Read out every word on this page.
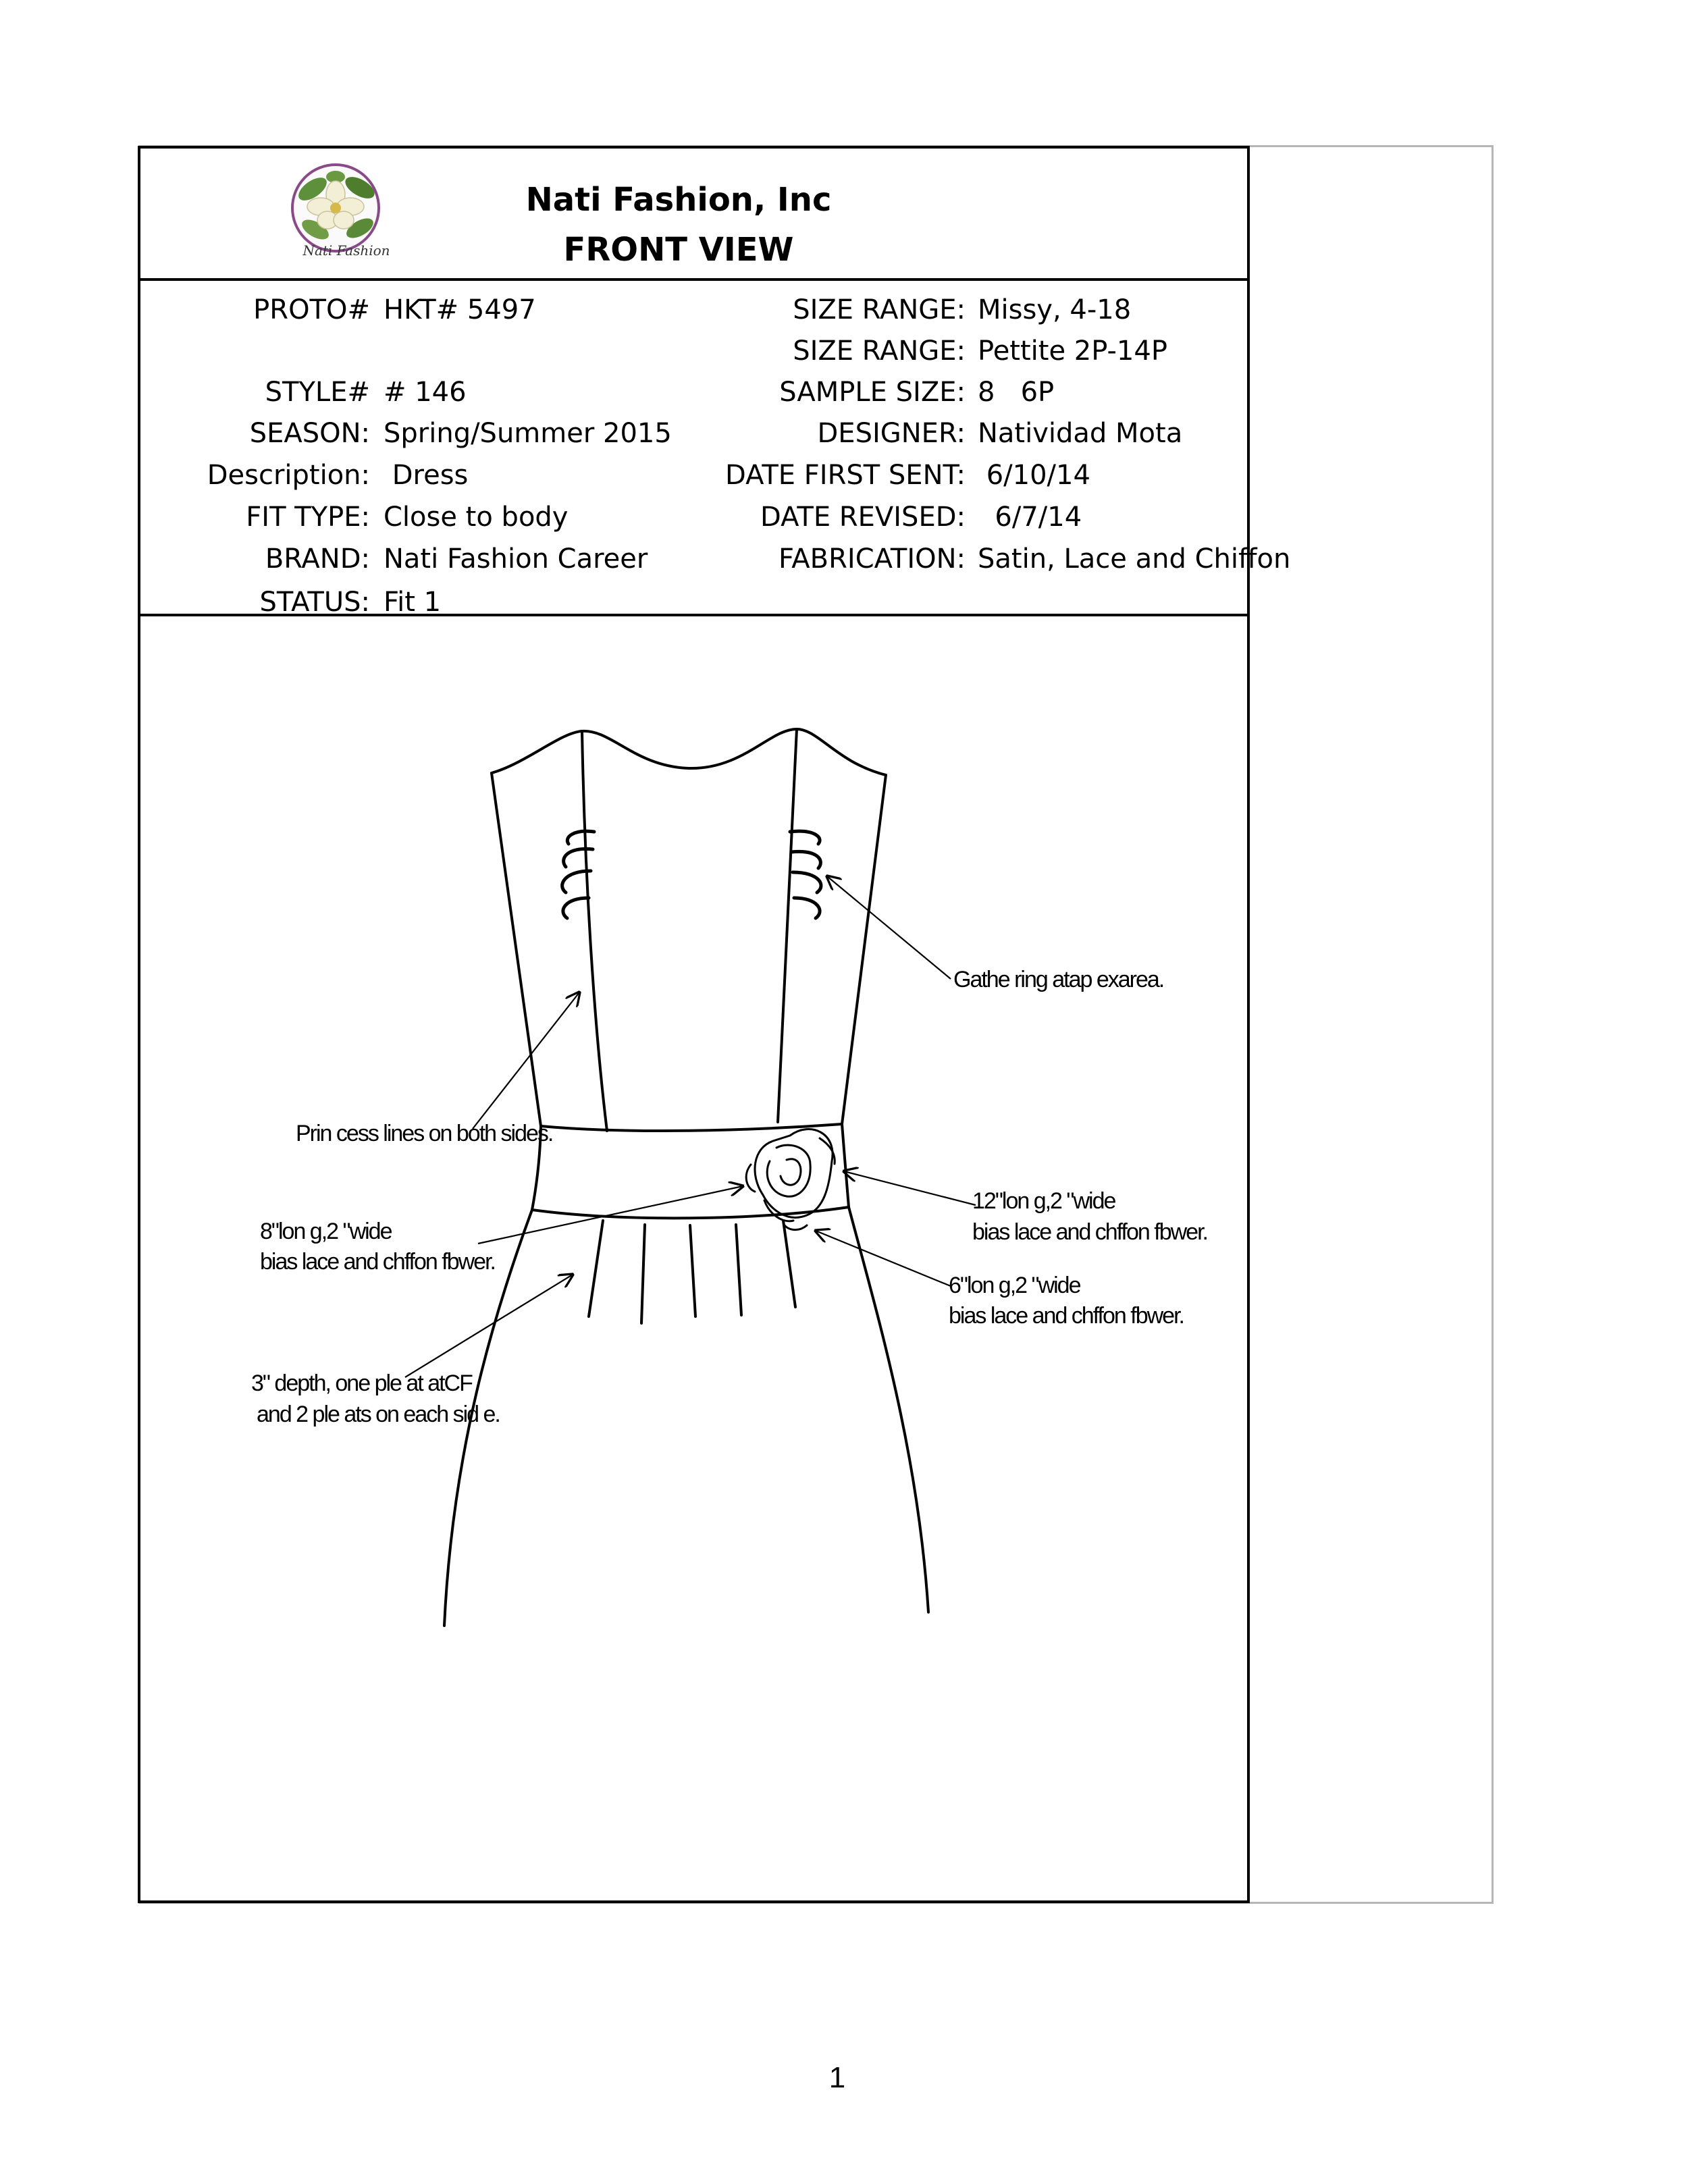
Nati Fashion
Nati Fashion, Inc
FRONT VIEW
PROTO# HKT# 5497
STYLE# # 146
SEASON: Spring/Summer 2015
Description: Dress
FIT TYPE: Close to body
BRAND: Nati Fashion Career
STATUS: Fit 1
SIZE RANGE: Missy, 4-18
SIZE RANGE: Pettite 2P-14P
SAMPLE SIZE: 8   6P
DESIGNER: Natividad Mota
DATE FIRST SENT: 6/10/14
DATE REVISED: 6/7/14
FABRICATION: Satin, Lace and Chiffon
Gathe ring atap exarea.
Prin cess lines on both sides.
12"lon g,2 "wide
bias lace and chffon fbwer.
8"lon g,2 "wide
bias lace and chffon fbwer.
6"lon g,2 "wide
bias lace and chffon fbwer.
3" depth, one ple at atCF
and 2 ple ats on each sid e.
1
